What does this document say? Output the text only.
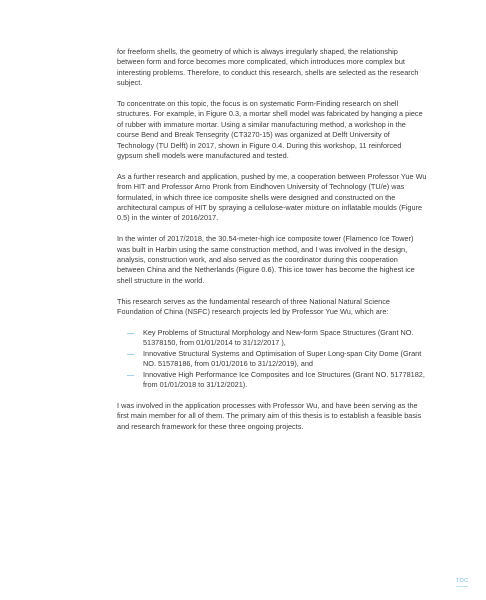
for freeform shells, the geometry of which is always irregularly shaped, the relationship between form and force becomes more complicated, which introduces more complex but interesting problems. Therefore, to conduct this research, shells are selected as the research subject.

To concentrate on this topic, the focus is on systematic Form-Finding research on shell structures. For example, in Figure 0.3, a mortar shell model was fabricated by hanging a piece of rubber with immature mortar. Using a similar manufacturing method, a workshop in the course Bend and Break Tensegrity (CT3270-15) was organized at Delft University of Technology (TU Delft) in 2017, shown in Figure 0.4. During this workshop, 11 reinforced gypsum shell models were manufactured and tested.

As a further research and application, pushed by me, a cooperation between Professor Yue Wu from HIT and Professor Arno Pronk from Eindhoven University of Technology (TU/e) was formulated, in which three ice composite shells were designed and constructed on the architectural campus of HIT by spraying a cellulose-water mixture on inflatable moulds (Figure 0.5) in the winter of 2016/2017.

In the winter of 2017/2018, the 30.54-meter-high ice composite tower (Flamenco Ice Tower) was built in Harbin using the same construction method, and I was involved in the design, analysis, construction work, and also served as the coordinator during this cooperation between China and the Netherlands (Figure 0.6). This ice tower has become the highest ice shell structure in the world.

This research serves as the fundamental research of three National Natural Science Foundation of China (NSFC) research projects led by Professor Yue Wu, which are:

— Key Problems of Structural Morphology and New-form Space Structures (Grant NO. 51378150, from 01/01/2014 to 31/12/2017 ),
— Innovative Structural Systems and Optimisation of Super Long-span City Dome (Grant NO. 51578186, from 01/01/2016 to 31/12/2019), and
— Innovative High Performance Ice Composites and Ice Structures (Grant NO. 51778182, from 01/01/2018 to 31/12/2021).

I was involved in the application processes with Professor Wu, and have been serving as the first main member for all of them. The primary aim of this thesis is to establish a feasible basis and research framework for these three ongoing projects.

TOC
